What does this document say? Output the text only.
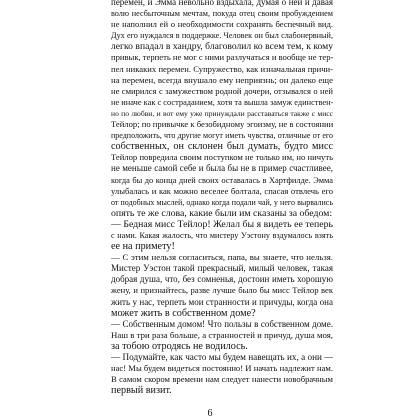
перемен, и Эмма невольно вздыхала, думая о ней и давая
волю несбыточным мечтам, покуда отец своим пробуждением
не наполнил ей о необходимости сохранять беспечный вид.
Дух его нуждался в поддержке. Человек он был слабонервный,
легко впадал в хандру, благоволил ко всем тем, к кому
привык, терпеть не мог с ними разлучаться и вообще не тер-
пел никаких перемен. Супружество, как изначальная причи-
на перемен, всегда внушало ему неприязнь; он далеко еще
не смирился с замужеством родной дочери, отзывался о ней
не иначе как с состраданием, хотя та вышла замуж единствен-
но по любви, и вот ему уже принуждали расставаться также с мисс
Тейлор; по привычке к безобидному эгоизму, не в состоянии
предположить, что другие могут иметь чувства, отличные от его
собственных, он склонен был думать, будто мисс
Тейлор повредила своим поступком не только им, но ничуть
не меньше самой себе и была бы не в пример счастливее,
когда бы до конца дней своих оставалась в Хартфилде. Эмма
улыбалась и как можно веселее болтала, спасая отвлечь его
от подобных мыслей, однако когда подали чай, у него вырвались
опять те же слова, какие были им сказаны за обедом:
— Бедная мисс Тейлор! Желал бы я видеть ее теперь
с нами. Какая жалость, что мистеру Уэстону вздумалось взять
ее на примету!
— С этим нельзя согласиться, папа, вы знаете, что нельзя.
Мистер Уэстон такой прекрасный, милый человек, такая
добрая душа, что, без сомненья, достоин иметь хорошую
жену, и признайтесь, разве лучше было бы мисс Тейлор век
жить у нас, терпеть мои странности и причуды, когда она
может жить в собственном доме?
— Собственным домом! Что пользы в собственном доме.
Наш в три раза больше, а странностей и причуд, душа моя,
за тобою отродясь не водилось.
— Подумайте, как часто мы будем навещать их, а они —
нас! Мы будем видеться постоянно! И начать надлежит нам.
В самом скором времени нам следует нанести новобрачным
первый визит.
6
